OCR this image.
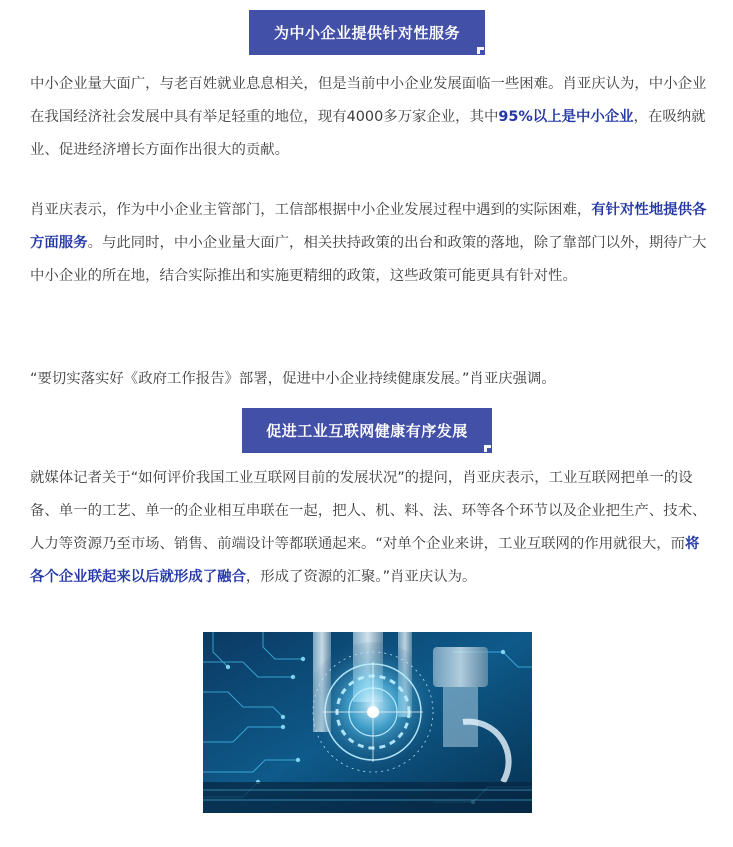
为中小企业提供针对性服务

中小企业量大面广，与老百姓就业息息相关，但是当前中小企业发展面临一些困难。肖亚庆认为，中小企业在我国经济社会发展中具有举足轻重的地位，现有4000多万家企业，其中95%以上是中小企业，在吸纳就业、促进经济增长方面作出很大的贡献。

肖亚庆表示，作为中小企业主管部门，工信部根据中小企业发展过程中遇到的实际困难，有针对性地提供各方面服务。与此同时，中小企业量大面广，相关扶持政策的出台和政策的落地，除了靠部门以外，期待广大中小企业的所在地，结合实际推出和实施更精细的政策，这些政策可能更具有针对性。

“要切实落实好《政府工作报告》部署，促进中小企业持续健康发展。”肖亚庆强调。

促进工业互联网健康有序发展

就媒体记者关于“如何评价我国工业互联网目前的发展状况”的提问，肖亚庆表示，工业互联网把单一的设备、单一的工艺、单一的企业相互串联在一起，把人、机、料、法、环等各个环节以及企业把生产、技术、人力等资源乃至市场、销售、前端设计等都联通起来。“对单个企业来讲，工业互联网的作用就很大，而将各个企业联起来以后就形成了融合，形成了资源的汇聚。”肖亚庆认为。
